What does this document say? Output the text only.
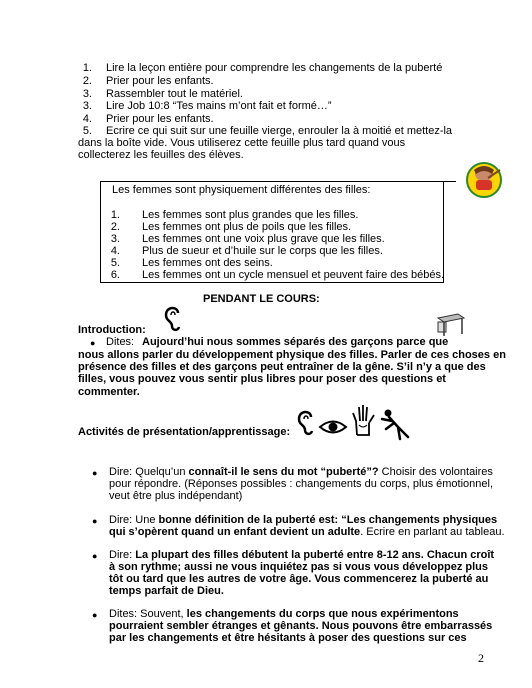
1. Lire la leçon entière pour comprendre les changements de la puberté
2. Prier pour les enfants.
3. Rassembler tout le matériel.
3. Lire Job 10:8 “Tes mains m’ont fait et formé…”
4. Prier pour les enfants.
5. Ecrire ce qui suit sur une feuille vierge, enrouler la à moitié et mettez-la
dans la boîte vide. Vous utiliserez cette feuille plus tard quand vous
collecterez les feuilles des élèves.
Les femmes sont physiquement différentes des filles:
1. Les femmes sont plus grandes que les filles.
2. Les femmes ont plus de poils que les filles.
3. Les femmes ont une voix plus grave que les filles.
4. Plus de sueur et d’huile sur le corps que les filles.
5. Les femmes ont des seins.
6. Les femmes ont un cycle mensuel et peuvent faire des bébés.
PENDANT LE COURS:
Introduction:
● Dites: Aujourd’hui nous sommes séparés des garçons parce que
nous allons parler du développement physique des filles. Parler de ces choses en
présence des filles et des garçons peut entraîner de la gêne. S’il n’y a que des
filles, vous pouvez vous sentir plus libres pour poser des questions et
commenter.
Activités de présentation/apprentissage:
● Dire: Quelqu’un connaît-il le sens du mot “puberté”? Choisir des volontaires
pour répondre. (Réponses possibles : changements du corps, plus émotionnel,
veut être plus indépendant)
● Dire: Une bonne définition de la puberté est: “Les changements physiques
qui s’opèrent quand un enfant devient un adulte. Ecrire en parlant au tableau.
● Dire: La plupart des filles débutent la puberté entre 8-12 ans. Chacun croît
à son rythme; aussi ne vous inquiétez pas si vous vous développez plus
tôt ou tard que les autres de votre âge. Vous commencerez la puberté au
temps parfait de Dieu.
● Dites: Souvent, les changements du corps que nous expérimentons
pourraient sembler étranges et gênants. Nous pouvons être embarrassés
par les changements et être hésitants à poser des questions sur ces
2
